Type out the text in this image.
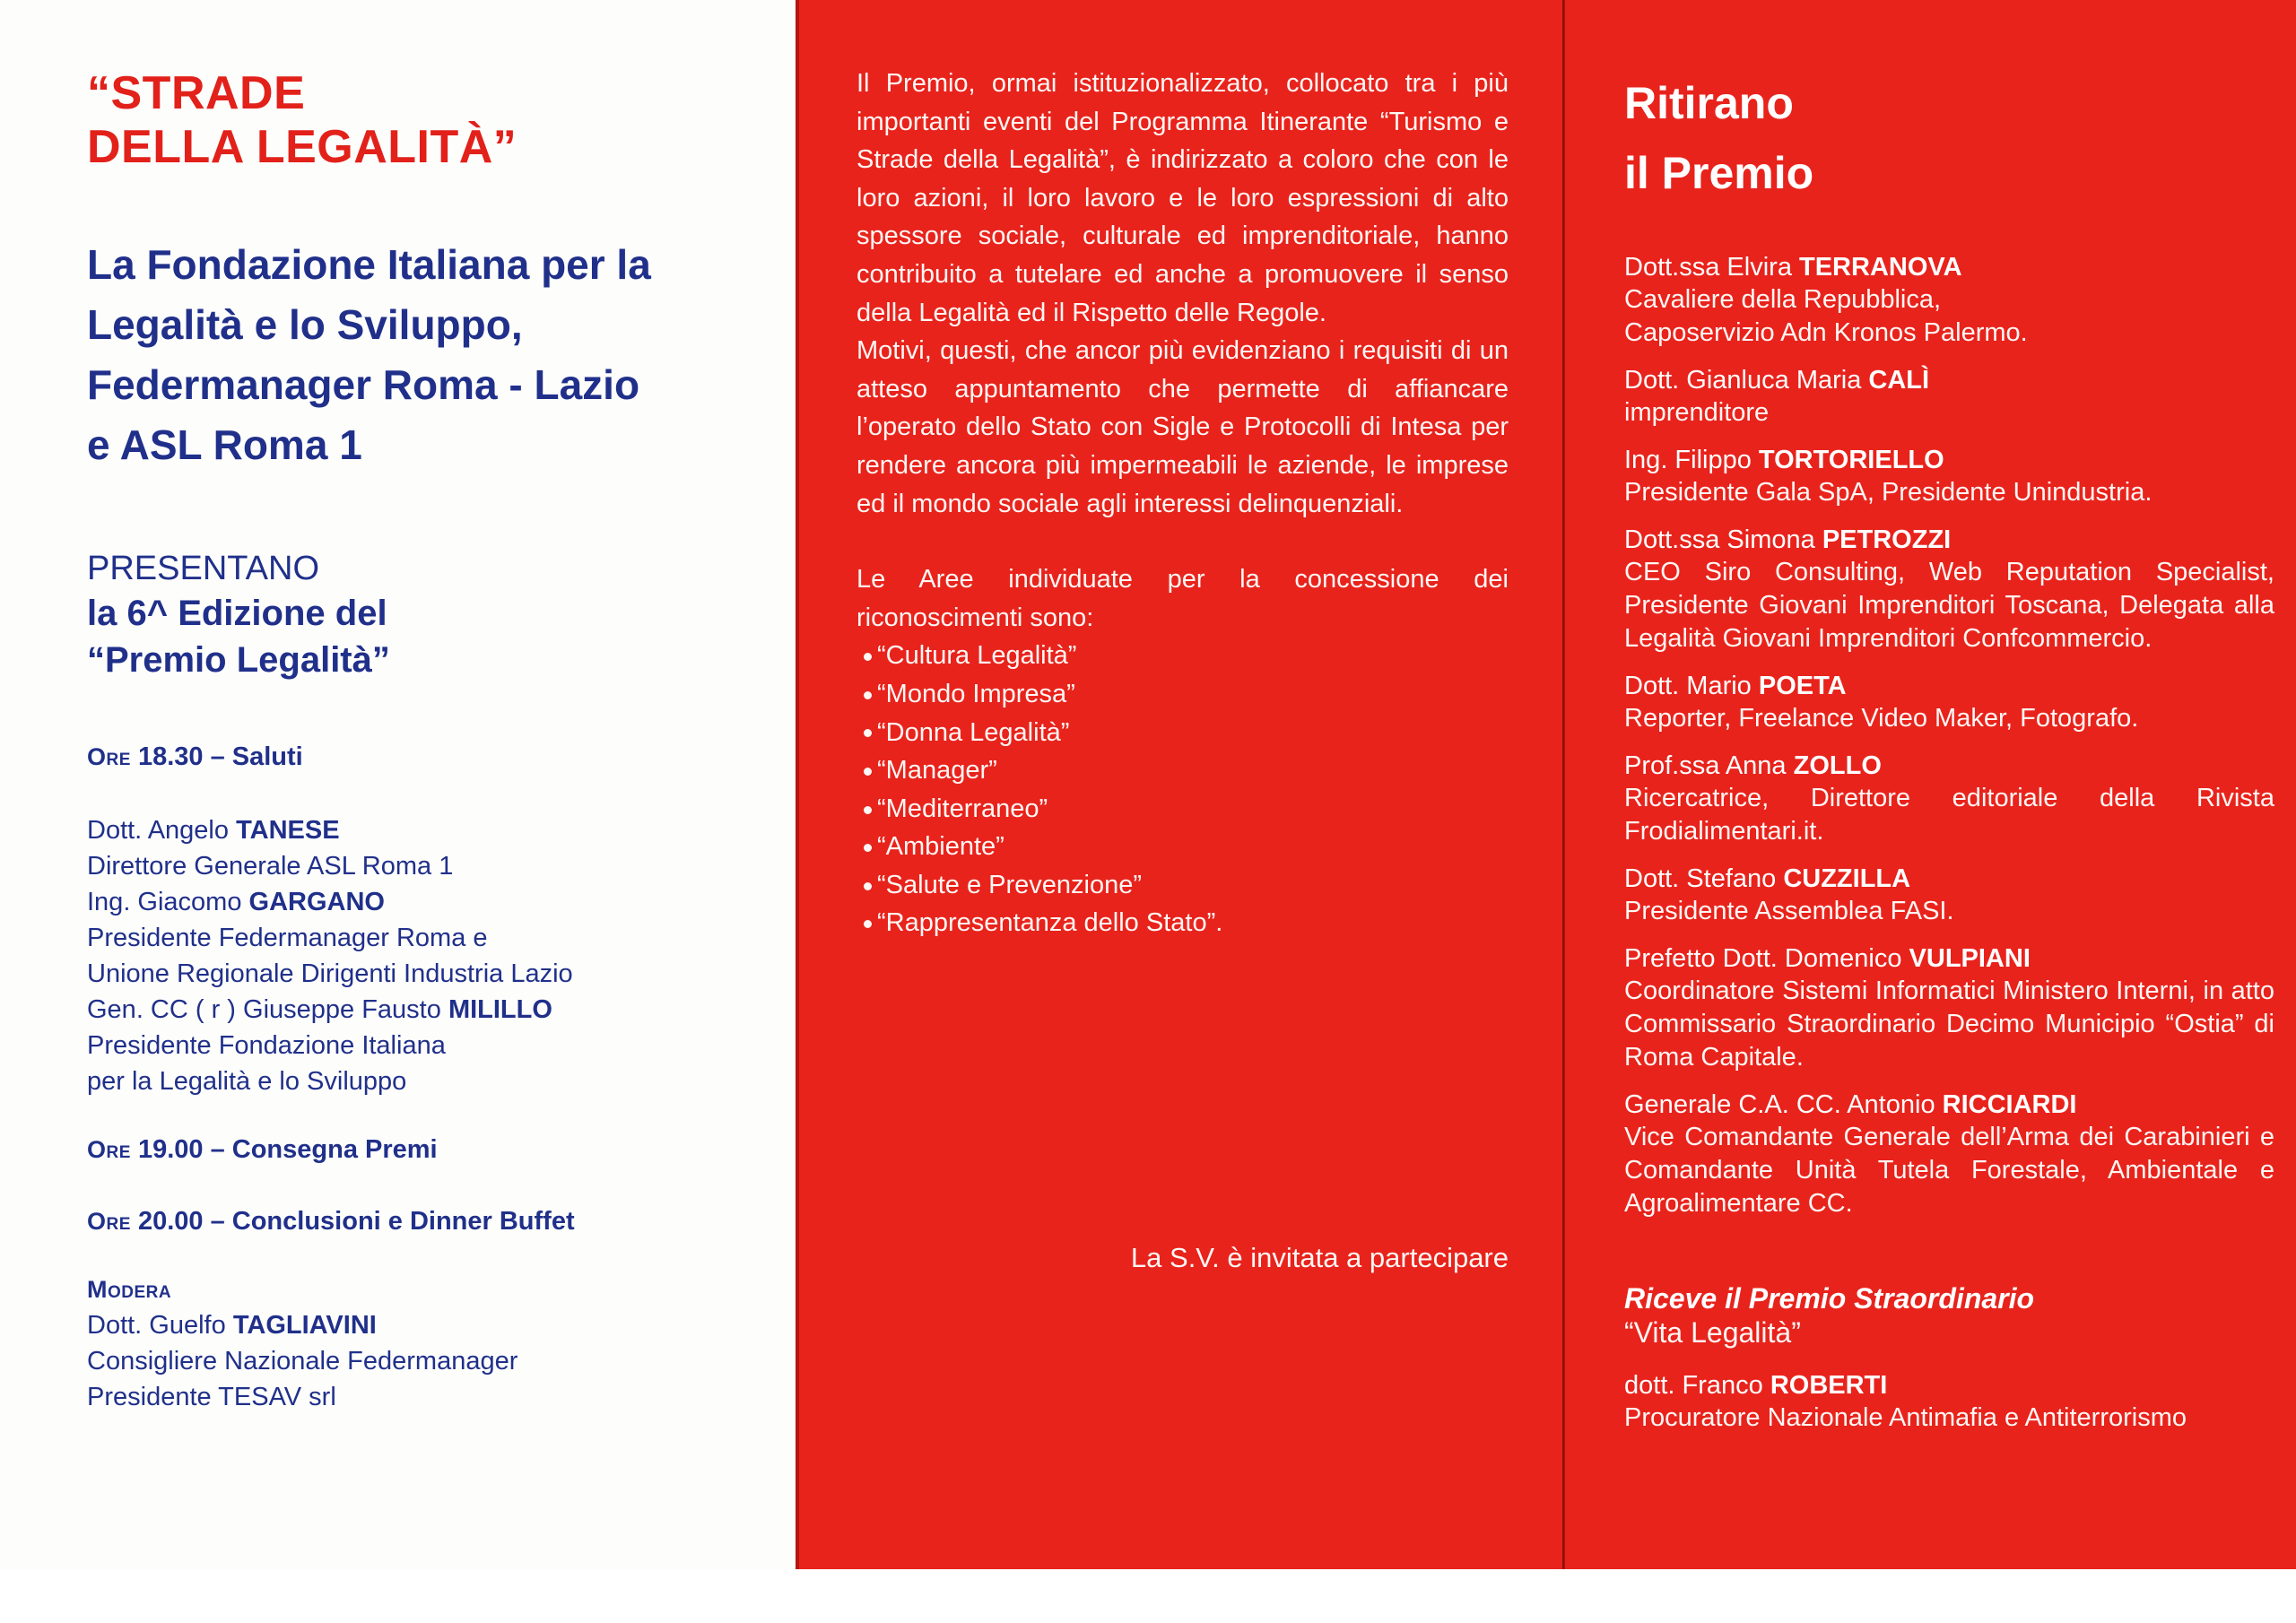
“STRADE
DELLA LEGALITÀ”
La Fondazione Italiana per la
Legalità e lo Sviluppo,
Federmanager Roma - Lazio
e ASL Roma 1
PRESENTANO
la 6^ Edizione del
“Premio Legalità”
Ore 18.30 – Saluti
Dott. Angelo TANESE
Direttore Generale ASL Roma 1
Ing. Giacomo GARGANO
Presidente Federmanager Roma e
Unione Regionale Dirigenti Industria Lazio
Gen. CC ( r ) Giuseppe Fausto MILILLO
Presidente Fondazione Italiana
per la Legalità e lo Sviluppo
Ore 19.00 – Consegna Premi
Ore 20.00 – Conclusioni e Dinner Buffet
Modera
Dott. Guelfo TAGLIAVINI
Consigliere Nazionale Federmanager
Presidente TESAV srl
Il Premio, ormai istituzionalizzato, collocato tra i più importanti eventi del Programma Itinerante “Turismo e Strade della Legalità”, è indirizzato a coloro che con le loro azioni, il loro lavoro e le loro espressioni di alto spessore sociale, culturale ed imprenditoriale, hanno contribuito a tutelare ed anche a promuovere il senso della Legalità ed il Rispetto delle Regole.
Motivi, questi, che ancor più evidenziano i requisiti di un atteso appuntamento che permette di affiancare l’operato dello Stato con Sigle e Protocolli di Intesa per rendere ancora più impermeabili le aziende, le imprese ed il mondo sociale agli interessi delinquenziali.
Le Aree individuate per la concessione dei riconoscimenti sono:
“Cultura Legalità”
“Mondo Impresa”
“Donna Legalità”
“Manager”
“Mediterraneo”
“Ambiente”
“Salute e Prevenzione”
“Rappresentanza dello Stato”.
La S.V. è invitata a partecipare
Ritirano
il Premio
Dott.ssa Elvira TERRANOVA
Cavaliere della Repubblica,
Caposervizio Adn Kronos Palermo.
Dott. Gianluca Maria CALÌ
imprenditore
Ing. Filippo TORTORIELLO
Presidente Gala SpA, Presidente Unindustria.
Dott.ssa Simona PETROZZI
CEO Siro Consulting, Web Reputation Specialist, Presidente Giovani Imprenditori Toscana, Delegata alla Legalità Giovani Imprenditori Confcommercio.
Dott. Mario POETA
Reporter, Freelance Video Maker, Fotografo.
Prof.ssa Anna ZOLLO
Ricercatrice, Direttore editoriale della Rivista Frodialimentari.it.
Dott. Stefano CUZZILLA
Presidente Assemblea FASI.
Prefetto Dott. Domenico VULPIANI
Coordinatore Sistemi Informatici Ministero Interni, in atto Commissario Straordinario Decimo Municipio “Ostia” di Roma Capitale.
Generale C.A. CC. Antonio RICCIARDI
Vice Comandante Generale dell’Arma dei Carabinieri e Comandante Unità Tutela Forestale, Ambientale e Agroalimentare CC.
Riceve il Premio Straordinario
“Vita Legalità”
dott. Franco ROBERTI
Procuratore Nazionale Antimafia e Antiterrorismo
